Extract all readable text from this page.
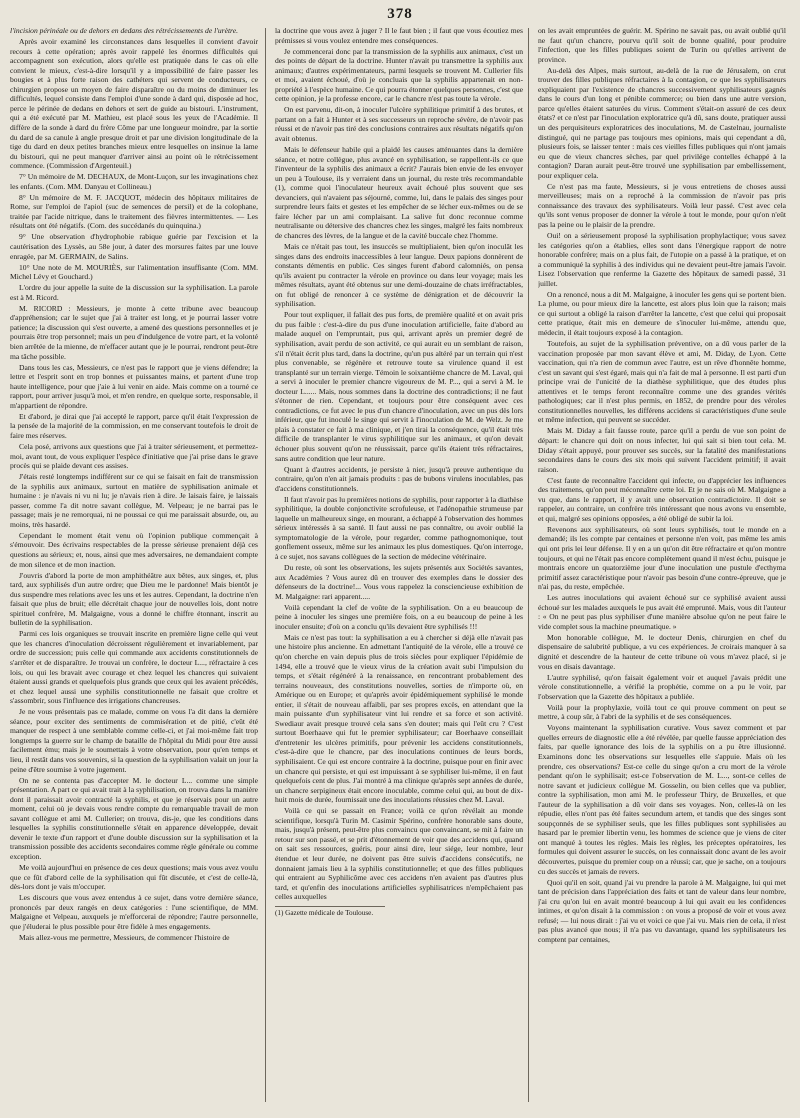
378

l'incision périnéale ou de dehors en dedans des rétrécissements de l'urètre.

Après avoir examiné les circonstances dans lesquelles il convient d'avoir recours à cette opération; après avoir rappelé les énormes difficultés qui accompagnent son exécution, alors qu'elle est pratiquée dans le cas où elle convient le mieux, c'est-à-dire lorsqu'il y a impossibilité de faire passer les bougies et à plus forte raison des cathéters qui servent de conducteurs, ce chirurgien propose un moyen de faire disparaître ou du moins de diminuer les difficultés, lequel consiste dans l'emploi d'une sonde à dard qui, disposée ad hoc, perce le périnée de dedans en dehors et sert de guide au bistouri. L'instrument, qui a été exécuté par M. Mathieu, est placé sous les yeux de l'Académie. Il diffère de la sonde à dard du frère Côme par une longueur moindre, par la sortie du dard de sa canule à angle presque droit et par une division longitudinale de la tige du dard en deux petites branches mieux entre lesquelles on insinue la lame du bistouri, qui ne peut manquer d'arriver ainsi au point où le rétrécissement commence. (Commission d'Argenteuil.)

7° Un mémoire de M. DECHAUX, de Mont-Luçon, sur les invaginations chez les enfants. (Com. MM. Danyau et Collineau.)

8° Un mémoire de M. F. JACQUOT, médecin des hôpitaux militaires de Rome, sur l'emploi de l'apiol (suc de semences de persil) et de la colophane, traitée par l'acide nitrique, dans le traitement des fièvres intermittentes. — Les résultats ont été négatifs. (Com. des succédanés du quinquina.)

9° Une observation d'hydrophobie rabique guérie par l'excision et la cautérisation des Lyssès, au 58e jour, à dater des morsures faites par une louve enragée, par M. GERMAIN, de Salins.

10° Une note de M. MOURIÈS, sur l'alimentation insuffisante (Com. MM. Michel Lévy et Gouchard.)

L'ordre du jour appelle la suite de la discussion sur la syphilisation. La parole est à M. Ricord.

M. RICORD : Messieurs, je monte à cette tribune avec beaucoup d'appréhension; car le sujet que j'ai à traiter est long, et je pourrai lasser votre patience; la discussion qui s'est ouverte, a amené des questions personnelles et je pourrais être trop personnel; mais un peu d'indulgence de votre part, et la volonté bien arrêtée de la mienne, de m'effacer autant que je le pourrai, rendront peut-être ma tâche possible.

Dans tous les cas, Messieurs, ce n'est pas le rapport que je viens défendre; la lettre et l'esprit sont en trop bonnes et puissantes mains, et partent d'une trop haute intelligence, pour que j'aie à lui venir en aide. Mais comme on a tourné ce rapport, pour arriver jusqu'à moi, et m'en rendre, en quelque sorte, responsable, il m'appartient de répondre.

Et d'abord, je dirai que j'ai accepté le rapport, parce qu'il était l'expression de la pensée de la majorité de la commission, en me conservant toutefois le droit de faire mes réserves.

Cela posé, arrivons aux questions que j'ai à traiter sérieusement, et permettez-moi, avant tout, de vous expliquer l'espèce d'initiative que j'ai prise dans le grave procès qui se plaide devant ces assises.

J'étais resté longtemps indifférent sur ce qui se faisait en fait de transmission de la syphilis aux animaux, surtout en matière de syphilisation animale et humaine : je n'avais ni vu ni lu; je n'avais rien à dire. Je laisais faire, je laissais passer, comme l'a dit notre savant collègue, M. Velpeau; je ne barrai pas le passage; mais je ne remorquai, ni ne poussai ce qui me paraissait absurde, ou, au moins, très hasardé.

Cependant le moment était venu où l'opinion publique commençait à s'émouvoir. Des écrivains respectables de la presse sérieuse prenaient déjà ces questions au sérieux; et, nous, ainsi que mes adversaires, ne demandaient compte de mon silence et de mon inaction.

J'ouvris d'abord la porte de mon amphithéâtre aux bêtes, aux singes, et, plus tard, aux syphilisés d'un autre ordre; que Dieu me le pardonne! Mais bientôt je dus suspendre mes relations avec les uns et les autres. Cependant, la doctrine n'en faisait que plus de bruit; elle décrétait chaque jour de nouvelles lois, dont notre spirituel confrère, M. Malgaigne, vous a donné le chiffre étonnant, inscrit au bulletin de la syphilisation.

Parmi ces lois organiques se trouvait inscrite en première ligne celle qui veut que les chancres d'inoculation décroissent régulièrement et invariablement, par ordre de succession; puis celle qui commande aux accidents constitutionnels de s'arrêter et de disparaître. Je trouvai un confrère, le docteur L..., réfractaire à ces lois, ou qui les bravait avec courage et chez lequel les chancres qui suivaient étaient aussi grands et quelquefois plus grands que ceux qui les avaient précédés, et chez lequel aussi une syphilis constitutionnelle ne faisait que croître et s'assombrir, sous l'influence des irrigations chancreuses.

Je ne vous présentais pas ce malade, comme on vous l'a dit dans la dernière séance, pour exciter des sentiments de commisération et de pitié, c'eût été manquer de respect à une semblable comme celle-ci, et j'ai moi-même fait trop longtemps la guerre sur le champ de bataille de l'hôpital du Midi pour être aussi facilement ému; mais je le soumettais à votre observation, pour qu'en temps et lieu, il restât dans vos souvenirs, si la question de la syphilisation valait un jour la peine d'être soumise à votre jugement.

On ne se contenta pas d'accepter M. le docteur L... comme une simple présentation. A part ce qui avait trait à la syphilisation, on trouva dans la manière dont il paraissait avoir contracté la syphilis, et que je réservais pour un autre moment, celui où je devais vous rendre compte du remarquable travail de mon savant collègue et ami M. Cullerier; on trouva, dis-je, que les conditions dans lesquelles la syphilis constitutionnelle s'était en apparence développée, devait devenir le texte d'un rapport et d'une double discussion sur la syphilisation et la transmission possible des accidents secondaires comme règle générale ou comme exception.

Me voilà aujourd'hui en présence de ces deux questions; mais vous avez voulu que ce fût d'abord celle de la syphilisation qui fût discutée, et c'est de celle-là, dès-lors dont je vais m'occuper.

Les discours que vous avez entendus à ce sujet, dans votre dernière séance, prononcés par deux rangés en deux catégories : l'une scientifique, de MM. Malgaigne et Velpeau, auxquels je m'efforcerai de répondre; l'autre personnelle, que j'éluderai le plus possible pour être fidèle à mes engagements.

Mais allez-vous me permettre, Messieurs, de commencer l'histoire de

la doctrine que vous avez à juger ? Il le faut bien ; il faut que vous écoutiez mes prémisses si vous voulez entendre mes conséquences.

Je commencerai donc par la transmission de la syphilis aux animaux, c'est un des points de départ de la doctrine. Hunter n'avait pu transmettre la syphilis aux animaux; d'autres expérimentateurs, parmi lesquels se trouvent M. Cullerier fils et moi, avaient échoué, d'où je concluais que la syphilis appartenait en non-propriété à l'espèce humaine. Ce qui pourra étonner quelques personnes, c'est que cette opinion, je la professe encore, car le chancre n'est pas toute la vérole.

On est parvenu, dit-on, à inoculer l'ulcère syphilitique primitif à des brutes, et partant on a fait à Hunter et à ses successeurs un reproche sévère, de n'avoir pas réussi et de n'avoir pas tiré des conclusions contraires aux résultats négatifs qu'on avait obtenus.

Mais le défenseur habile qui a plaidé les causes atténuantes dans la dernière séance, et notre collègue, plus avancé en syphilisation, se rappellent-ils ce que l'inventeur de la syphilis des animaux a écrit? J'aurais bien envie de les envoyer un peu à Toulouse, ils y verraient dans un journal, du reste très recommandable (1), comme quoi l'inoculateur heureux avait échoué plus souvent que ses devanciers, qui n'avaient pas séjourné, comme, lui, dans le palais des singes pour surprendre leurs faits et gestes et les empêcher de se lécher eux-mêmes ou de se faire lécher par un ami complaisant. La salive fut donc reconnue comme neutralisante ou détersive des chancres chez les singes, malgré les faits nombreux de chancres des lèvres, de la langue et de la cavité buccale chez l'homme.

Mais ce n'était pas tout, les insuccès se multipliaient, bien qu'on inoculât les singes dans des endroits inaccessibles à leur langue. Deux papions donnèrent de constants démentis en public. Ces singes furent d'abord calomniés, on pensa qu'ils avaient pu contracter la vérole en province ou dans leur voyage; mais les mêmes résultats, ayant été obtenus sur une demi-douzaine de chats irréfractables, on fut obligé de renoncer à ce système de dénigration et de découvrir la syphilisation.

Pour tout expliquer, il fallait des pus forts, de première qualité et on avait pris du pus faible : c'est-à-dire du pus d'une inoculation artificielle, faite d'abord au malade auquel on l'empruntait, pus qui, arrivant après un premier degré de syphilisation, avait perdu de son activité, ce qui aurait eu un semblant de raison, s'il n'était écrit plus tard, dans la doctrine, qu'un pus altéré par un terrain qui n'est plus convenable, se régénère et retrouve toute sa virulence quand il est transplanté sur un terrain vierge. Témoin le soixantième chancre de M. Laval, qui a servi à inoculer le premier chancre vigoureux de M. P..., qui a servi à M. le docteur L...... Mais, nous sommes dans la doctrine des contradictions; il ne faut s'étonner de rien. Cependant, et toujours pour être conséquent avec ces contradictions, ce fut avec le pus d'un chancre d'inoculation, avec un pus dès lors inférieur, que fut inoculé le singe qui servit à l'inoculation de M. de Welz. Je me plais à constater ce fait à ma clinique, et j'en tirai la conséquence, qu'il était très difficile de transplanter le virus syphilitique sur les animaux, et qu'on devait échouer plus souvent qu'on ne réussissait, parce qu'ils étaient très réfractaires, sans autre condition que leur nature.

Quant à d'autres accidents, je persiste à nier, jusqu'à preuve authentique du contraire, qu'on n'en ait jamais produits : pas de bubons virulens inoculables, pas d'accidens constitutionnels.

Il faut n'avoir pas lu premières notions de syphilis, pour rapporter à la diathèse syphilitique, la double conjonctivite scrofuleuse, et l'adénopathie strumeuse par laquelle un malheureux singe, en mourant, a échappé à l'observation des hommes sérieux intéressés à sa santé. Il faut aussi ne pas connaître, ou avoir oublié la symptomatologie de la vérole, pour regarder, comme pathognomonique, tout gonflement osseux, même sur les animaux les plus domestiques. Qu'on interroge, à ce sujet, nos savans collègues de la section de médecine vétérinaire.

Du reste, où sont les observations, les sujets présentés aux Sociétés savantes, aux Académies ? Vous aurez dû en trouver des exemples dans le dossier des défenseurs de la doctrine!... Vous vous rappelez la consciencieuse exhibition de M. Malgaigne: rari apparent.....

Voilà cependant la clef de voûte de la syphilisation. On a eu beaucoup de peine à inoculer les singes une première fois, on a eu beaucoup de peine à les inoculer ensuite; d'où on a conclu qu'ils devaient être syphilisés !!!

Mais ce n'est pas tout: la syphilisation a eu à chercher si déjà elle n'avait pas une histoire plus ancienne. En admettant l'antiquité de la vérole, elle a trouvé ce qu'on cherche en vain depuis plus de trois siècles pour expliquer l'épidémie de 1494, elle a trouvé que le vieux virus de la création avait subi l'impulsion du temps, et s'était régénéré à la renaissance, en rencontrant probablement des terrains nouveaux, des constitutions nouvelles, sorties de n'importe où, en Amérique ou en Europe; et qu'après avoir épidémiquement syphilisé le monde entier, il s'était de nouveau affaibli, par ses propres excès, en attendant que la main puissante d'un syphilisateur vint lui rendre et sa force et son activité. Swediaur avait presque trouvé cela sans s'en douter; mais qui l'eût cru ? C'est surtout Boerhaave qui fut le premier syphilisateur; car Boerhaave conseillait d'entretenir les ulcères primitifs, pour prévenir les accidens constitutionnels, c'est-à-dire que le chancre, par des inoculations continues de leurs bords, syphilisaient. Ce qui est encore contraire à la doctrine, puisque pour en finir avec un chancre qui persiste, et qui est impuissant à se syphiliser lui-même, il en faut quelquefois cent de plus. J'ai montré à ma clinique qu'après sept années de durée, un chancre serpigineux était encore inoculable, comme celui qui, au bout de dix-huit mois de durée, fournissait une des inoculations réussies chez M. Laval.

Voilà ce qui se passait en France; voilà ce qu'on révélait au monde scientifique, lorsqu'à Turin M. Casimir Spérino, confrère honorable sans doute, mais, jusqu'à présent, peut-être plus convaincu que convaincant, se mit à faire un retour sur son passé, et se prit d'étonnement de voir que des accidens qui, quand on sait ses ressources, guéris, pour ainsi dire, leur siége, leur nombre, leur étendue et leur durée, ne doivent pas être suivis d'accidens consécutifs, ne donnaient jamais lieu à la syphilis constitutionnelle; et que des filles publiques qui entraient au Syphilicôme avec ces accidens n'en avaient pas d'autres plus tard, et qu'enfin des inoculations artificielles syphilisatrices n'empêchaient pas celles auxquelles

(1) Gazette médicale de Toulouse.

on les avait empruntées de guérir. M. Spérino ne savait pas, ou avait oublié qu'il ne faut qu'un chancre, pourvu qu'il soit de bonne qualité, pour produire l'infection, que les filles publiques soient de Turin ou qu'elles arrivent de province.

Au-delà des Alpes, mais surtout, au-delà de la rue de Jérusalem, on crut trouver des filles publiques réfractaires à la contagion, ce que les syphilisateurs expliquaient par l'existence de chancres successivement syphilisateurs gagnés dans le cours d'un long et pénible commerce; ou bien dans une autre version, parce qu'elles étaient saturées du virus. Comment s'était-on assuré de ces deux états? et ce n'est par l'inoculation exploratrice qu'à dû, sans doute, pratiquer aussi un des perquisiteurs exploratrices des inoculations, M. de Castelnau, journaliste distingué, qui ne partage pas toujours mes opinions, mais qui cependant a dû, plusieurs fois, se laisser tenter : mais ces vieilles filles publiques qui n'ont jamais eu que de vieux chancres sèches, par quel privilége contelles échappé à la contagion? Daran aurait peut-être trouvé une syphilisation par embellissement, pour expliquer cela.

Ce n'est pas ma faute, Messieurs, si je vous entretiens de choses aussi merveilleuses; mais on a reproché à la commission de n'avoir pas pris connaissance des travaux des syphilisateurs. Voilà leur passé. C'est avec cela qu'ils sont venus proposer de donner la vérole à tout le monde, pour qu'on n'eût pas la peine ou le plaisir de la prendre.

Oui! on a sérieusement proposé la syphilisation prophylactique; vous savez les catégories qu'on a établies, elles sont dans l'énergique rapport de notre honorable confrère; mais on a plus fait, de l'utopie on a passé à la pratique, et on a communiqué la syphilis à des individus qui ne devaient peut-être jamais l'avoir. Lisez l'observation que renferme la Gazette des hôpitaux de samedi passé, 31 juillet.

On a renoncé, nous a dit M. Malgaigne, à inoculer les gens qui se portent bien. La plume, ou pour mieux dire la lancette, est alors plus loin que la raison; mais ce qui surtout a obligé la raison d'arrêter la lancette, c'est que celui qui proposait cette pratique, était mis en demeure de s'inoculer lui-même, attendu que, médecin, il était toujours exposé à la contagion.

Toutefois, au sujet de la syphilisation préventive, on a dû vous parler de la vaccination proposée par mon savant élève et ami, M. Diday, de Lyon. Cette vaccination, qui n'a rien de commun avec l'autre, est un rêve d'honnête homme, c'est un savant qui s'est égaré, mais qui n'a fait de mal à personne. Il est parti d'un principe vrai de l'unicité de la diathèse syphilitique, que des études plus attentives et le temps feront reconnaître comme une des grandes vérités pathologiques; car il n'est plus permis, en 1852, de prendre pour des véroles constitutionnelles nouvelles, les différens accidens si caractéristiques d'une seule et même infection, qui peuvent se succéder.

Mais M. Diday a fait fausse route, parce qu'il a perdu de vue son point de départ: le chancre qui doit on nous infecter, lui qui sait si bien tout cela. M. Diday s'était appuyé, pour prouver ses succès, sur la fatalité des manifestations secondaires dans le cours des six mois qui suivent l'accident primitif; il avait raison.

C'est faute de reconnaître l'accident qui infecte, ou d'apprécier les influences des traitemens, qu'on peut méconnaître cette loi. Et je ne sais où M. Malgaigne a vu que, dans le rapport, il y avait une observation contradictoire. Il doit se rappeler, au contraire, un confrère très intéressant que nous avons vu ensemble, et qui, malgré ses opinions opposées, a été obligé de subir la loi.

Revenons aux syphilisateurs, où sont leurs syphilisés, tout le monde en a demandé; ils les compte par centaines et personne n'en voit, pas même les amis qui ont pris lei leur défense. Il y en a un qu'on dit être réfractaire et qu'on montre toujours, et qui ne l'était pas encore complètement quand il m'est échu, puisque je montrais encore un quatorzième jour d'une inoculation une pustule d'ecthyma primitif assez caractéristique pour n'avoir pas besoin d'une contre-épreuve, que je n'ai pas, du reste, empêchée.

Les autres inoculations qui avaient échoué sur ce syphilisé avaient aussi échoué sur les malades auxquels le pus avait été emprunté. Mais, vous dit l'auteur : « On ne peut pas plus syphiliser d'une manière absolue qu'on ne peut faire le vide complet sous la machine pneumatique. »

Mon honorable collègue, M. le docteur Denis, chirurgien en chef du dispensaire de salubrité publique, a vu ces expériences. Je croirais manquer à sa dignité et descendre de la hauteur de cette tribune où vous m'avez placé, si je vous en disais davantage.

L'autre syphilisé, qu'on faisait également voir et auquel j'avais prédit une vérole constitutionnelle, a vérifié la prophétie, comme on a pu le voir, par l'observation que la Gazette des hôpitaux a publiée.

Voilà pour la prophylaxie, voilà tout ce qui prouve comment on peut se mettre, à coup sûr, à l'abri de la syphilis et de ses conséquences.

Voyons maintenant la syphilisation curative. Vous savez comment et par quelles erreurs de diagnostic elle a été révélée, par quelle fausse appréciation des faits, par quelle ignorance des lois de la syphilis on a pu être illusionné. Examinons donc les observations sur lesquelles elle s'appuie. Mais où les prendre, ces observations? Est-ce celle du singe qu'on a cru mort de la vérole pendant qu'on le syphilisait; est-ce l'observation de M. L..., sont-ce celles de notre savant et judicieux collègue M. Gosselin, ou bien celles que va publier, contre la syphilisation, mon ami M. le professeur Thiry, de Bruxelles, et que l'auteur de la syphilisation a dû voir dans ses voyages. Non, celles-là on les répudie, elles n'ont pas été faites secundum artem, et tandis que des singes sont soupçonnés de se syphiliser seuls, que les filles publiques sont syphilisées au hasard par le premier libertin venu, les hommes de science que je viens de citer ont manqué à toutes les règles. Mais les règles, les préceptes opératoires, les formules qui doivent assurer le succès, on les connaissait donc avant de les avoir découvertes, puisque du premier coup on a réussi; car, que je sache, on a toujours cu des succès et jamais de revers.

Quoi qu'il en soit, quand j'ai vu prendre la parole à M. Malgaigne, lui qui met tant de précision dans l'appréciation des faits et tant de valeur dans leur nombre, j'ai cru qu'on lui en avait montré beaucoup à lui qui avait eu les confidences intimes, et qu'on disait à la commission : on vous a proposé de voir et vous avez refusé; — lui nous dirait : j'ai vu et voici ce que j'ai vu. Mais rien de cela, il n'est pas plus avancé que nous; il n'a pas vu davantage, quand les syphilisateurs les comptent par centaines,
